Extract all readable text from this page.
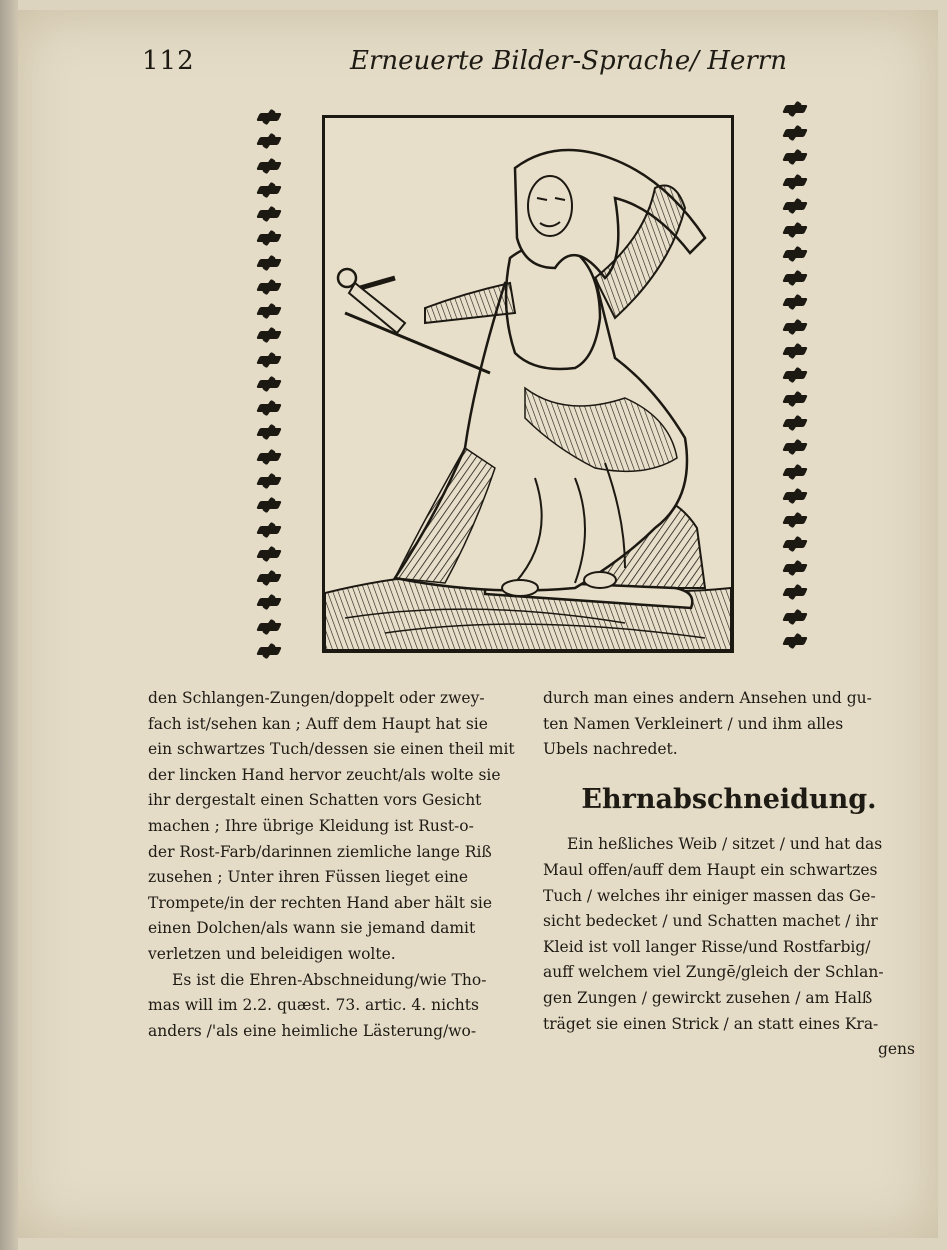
112	Erneuerte Bilder-Sprache/ Herrn

den Schlangen-Zungen/doppelt oder zwey-
fach ist/sehen kan ; Auff dem Haupt hat sie
ein schwartzes Tuch/dessen sie einen theil mit
der lincken Hand hervor zeucht/als wolte sie
ihr dergestalt einen Schatten vors Gesicht
machen ; Ihre übrige Kleidung ist Rust-o-
der Rost-Farb/darinnen ziemliche lange Riß
zusehen ; Unter ihren Füssen lieget eine
Trompete/in der rechten Hand aber hält sie
einen Dolchen/als wann sie jemand damit
verletzen und beleidigen wolte.

Es ist die Ehren-Abschneidung/wie Tho-
mas will im 2.2. quæst. 73. artic. 4. nichts
anders /'als eine heimliche Lästerung/wo-

durch man eines andern Ansehen und gu-
ten Namen Verkleinert / und ihm alles
Ubels nachredet.

Ehrnabschneidung.

Ein heßliches Weib / sitzet / und hat das
Maul offen/auff dem Haupt ein schwartzes
Tuch / welches ihr einiger massen das Ge-
sicht bedecket / und Schatten machet / ihr
Kleid ist voll langer Risse/und Rostfarbig/
auff welchem viel Zungē/gleich der Schlan-
gen Zungen / gewirckt zusehen / am Halß
träget sie einen Strick / an statt eines Kra-
gens
